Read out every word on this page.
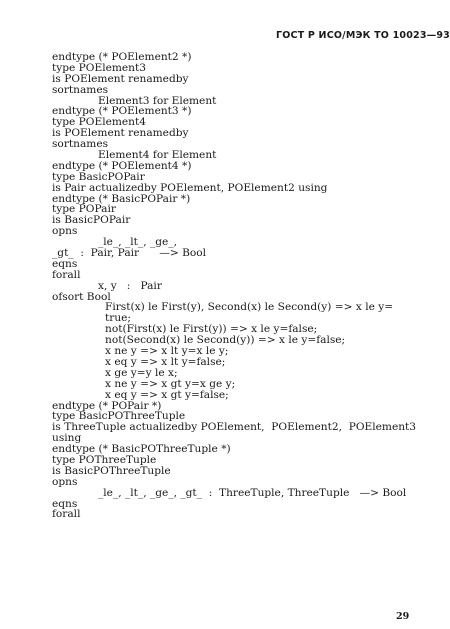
ГОСТ Р ИСО/МЭК ТО 10023—93
endtype (* POElement2 *)
type POElement3
is POElement renamedby
sortnames
Element3 for Element
endtype (* POElement3 *)
type POElement4
is POElement renamedby
sortnames
Element4 for Element
endtype (* POElement4 *)
type BasicPOPair
is Pair actualizedby POElement, POElement2 using
endtype (* BasicPOPair *)
type POPair
is BasicPOPair
opns
_le_, _lt_, _ge_,
_gt_  :  Pair, Pair      —> Bool
eqns
forall
x, y   :   Pair
ofsort Bool
First(x) le First(y), Second(x) le Second(y) => x le y=
true;
not(First(x) le First(y)) => x le y=false;
not(Second(x) le Second(y)) => x le y=false;
x ne y => x lt y=x le y;
x eq y => x lt y=false;
x ge y=y le x;
x ne y => x gt y=x ge y;
x eq y => x gt y=false;
endtype (* POPair *)
type BasicPOThreeTuple
is ThreeTuple actualizedby POElement,  POElement2,  POElement3
using
endtype (* BasicPOThreeTuple *)
type POThreeTuple
is BasicPOThreeTuple
opns
_le_, _lt_, _ge_, _gt_  :  ThreeTuple, ThreeTuple   —> Bool
eqns
forall
29
